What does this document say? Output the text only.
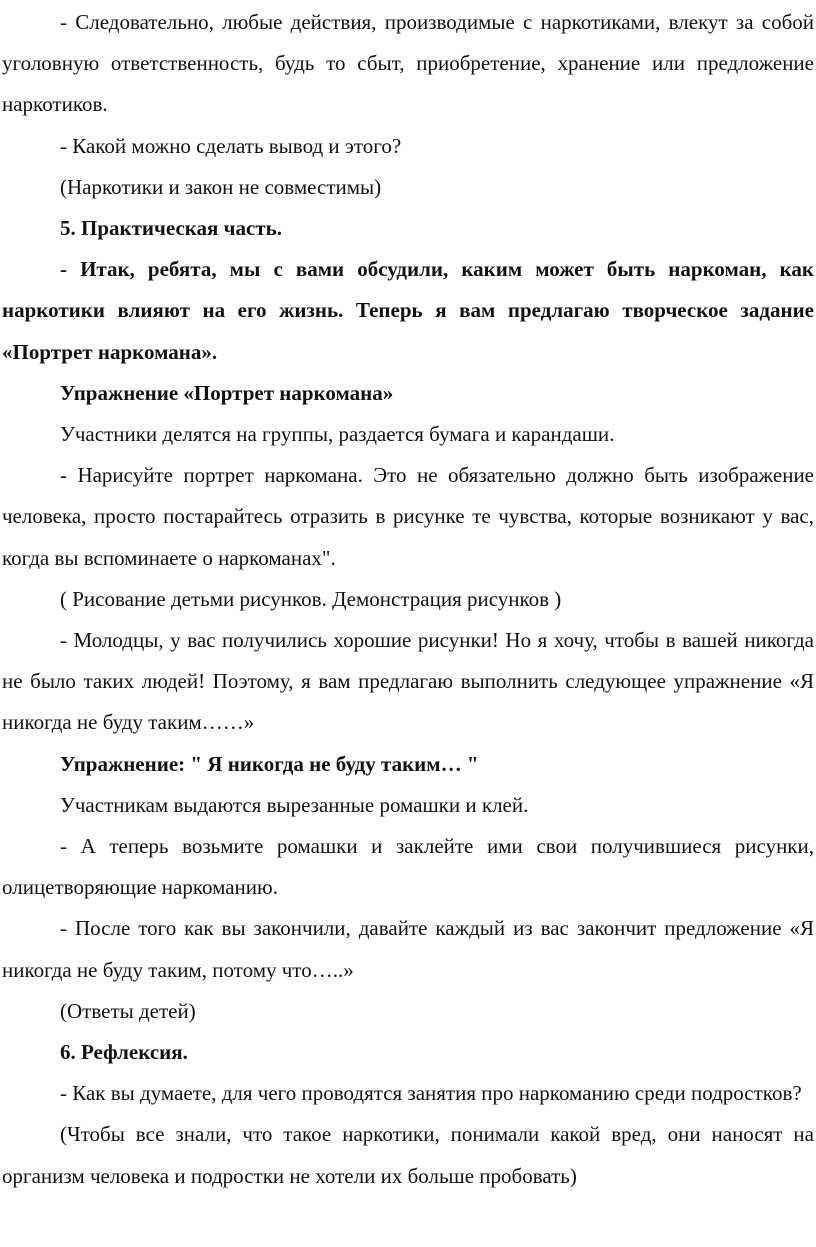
- Следовательно, любые действия, производимые с наркотиками, влекут за собой уголовную ответственность, будь то сбыт, приобретение, хранение или предложение наркотиков.

- Какой можно сделать вывод и этого?

(Наркотики и закон не совместимы)

5. Практическая часть.

- Итак, ребята, мы с вами обсудили, каким может быть наркоман, как наркотики влияют на его жизнь. Теперь я вам предлагаю творческое задание «Портрет наркомана».

Упражнение «Портрет наркомана»

Участники делятся на группы, раздается бумага и карандаши.

- Нарисуйте портрет наркомана. Это не обязательно должно быть изображение человека, просто постарайтесь отразить в рисунке те чувства, которые возникают у вас, когда вы вспоминаете о наркоманах".

( Рисование детьми рисунков. Демонстрация рисунков )

- Молодцы, у вас получились хорошие рисунки! Но я хочу, чтобы в вашей никогда не было таких людей! Поэтому, я вам предлагаю выполнить следующее упражнение «Я никогда не буду таким……»

Упражнение: " Я никогда не буду таким… "

Участникам выдаются вырезанные ромашки и клей.

- А теперь возьмите ромашки и заклейте ими свои получившиеся рисунки, олицетворяющие наркоманию.

- После того как вы закончили, давайте каждый из вас закончит предложение «Я никогда не буду таким, потому что…..»

(Ответы детей)

6. Рефлексия.

- Как вы думаете, для чего проводятся занятия про наркоманию среди подростков?

(Чтобы все знали, что такое наркотики, понимали какой вред, они наносят на организм человека и подростки не хотели их больше пробовать)
